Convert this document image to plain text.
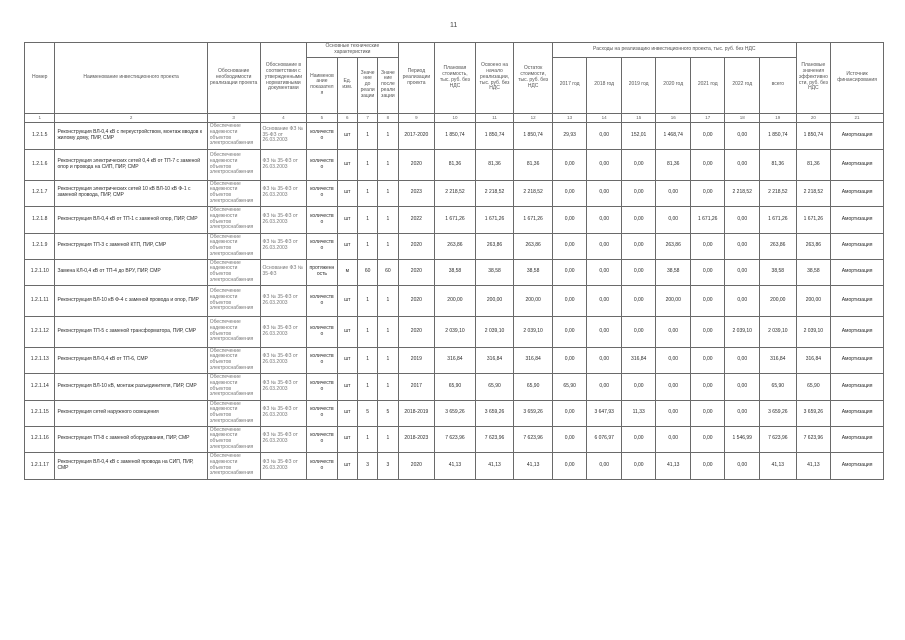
11
Номер	Наименование инвестиционного проекта	Обоснование необходимости реализации проекта	Обоснование в соответствии с утвержденными нормативными документами	Основные технические характеристики				Период реализации проекта	Плановая стоимость, тыс. руб. без НДС	Освоено на начало реализации, тыс. руб. без НДС	Остаток стоимости, тыс. руб. без НДС	Расходы на реализацию инвестиционного проекта, тыс. руб. без НДС							Плановые значения эффективности, руб. без НДС	Источник финансирования
				Наименование показателя	Ед. изм.	Значение до реализации	Значение после реализации					2017 год	2018 год	2019 год	2020 год	2021 год	2022 год	всего		
1	2	3	4	5	6	7	8	9	10	11	12	13	14	15	16	17	18	19	20	21
1.2.1.5	Реконструкция ВЛ-0,4 кВ с переустройством, монтаж вводов к жилому дому, ПИР, СМР	Обеспечение надежности объектов электроснабжения	Основание ФЗ № 35-ФЗ от 26.03.2003	количество	шт	1	1	2017-2020	1 850,74	1 850,74	1 850,74	29,93	0,00	152,01	1 468,74	0,00	0,00	1 850,74	1 850,74	Амортизация
1.2.1.6	Реконструкция электрических сетей 0,4 кВ от ТП-7 с заменой опор и провода на СИП, ПИР, СМР	Обеспечение надежности объектов электроснабжения	ФЗ № 35-ФЗ от 26.03.2003	количество	шт	1	1	2020	81,36	81,36	81,36	0,00	0,00	0,00	81,36	0,00	0,00	81,36	81,36	Амортизация
1.2.1.7	Реконструкция электрических сетей 10 кВ ВЛ-10 кВ Ф-1 с заменой провода, ПИР, СМР	Обеспечение надежности объектов электроснабжения	ФЗ № 35-ФЗ от 26.03.2003	количество	шт	1	1	2023	2 218,52	2 218,52	2 218,52	0,00	0,00	0,00	0,00	0,00	2 218,52	2 218,52	2 218,52	Амортизация
1.2.1.8	Реконструкция ВЛ-0,4 кВ от ТП-1 с заменой опор, ПИР, СМР	Обеспечение надежности объектов электроснабжения	ФЗ № 35-ФЗ от 26.03.2003	количество	шт	1	1	2022	1 671,26	1 671,26	1 671,26	0,00	0,00	0,00	0,00	1 671,26	0,00	1 671,26	1 671,26	Амортизация
1.2.1.9	Реконструкция ТП-3 с заменой КТП, ПИР, СМР	Обеспечение надежности объектов электроснабжения	ФЗ № 35-ФЗ от 26.03.2003	количество	шт	1	1	2020	263,86	263,86	263,86	0,00	0,00	0,00	263,86	0,00	0,00	263,86	263,86	Амортизация
1.2.1.10	Замена КЛ-0,4 кВ от ТП-4 до ВРУ, ПИР, СМР	Обеспечение надежности объектов электроснабжения	Основание ФЗ № 35-ФЗ	протяженность	м	60	60	2020	38,58	38,58	38,58	0,00	0,00	0,00	38,58	0,00	0,00	38,58	38,58	Амортизация
1.2.1.11	Реконструкция ВЛ-10 кВ Ф-4 с заменой провода и опор, ПИР	Обеспечение надежности объектов электроснабжения	ФЗ № 35-ФЗ от 26.03.2003	количество	шт	1	1	2020	200,00	200,00	200,00	0,00	0,00	0,00	200,00	0,00	0,00	200,00	200,00	Амортизация
1.2.1.12	Реконструкция ТП-5 с заменой трансформатора, ПИР, СМР	Обеспечение надежности объектов электроснабжения	ФЗ № 35-ФЗ от 26.03.2003	количество	шт	1	1	2020	2 039,10	2 039,10	2 039,10	0,00	0,00	0,00	0,00	0,00	2 039,10	2 039,10	2 039,10	Амортизация
1.2.1.13	Реконструкция ВЛ-0,4 кВ от ТП-6, СМР	Обеспечение надежности объектов электроснабжения	ФЗ № 35-ФЗ от 26.03.2003	количество	шт	1	1	2019	316,84	316,84	316,84	0,00	0,00	316,84	0,00	0,00	0,00	316,84	316,84	Амортизация
1.2.1.14	Реконструкция ВЛ-10 кВ, монтаж разъединителя, ПИР, СМР	Обеспечение надежности объектов электроснабжения	ФЗ № 35-ФЗ от 26.03.2003	количество	шт	1	1	2017	65,90	65,90	65,90	65,90	0,00	0,00	0,00	0,00	0,00	65,90	65,90	Амортизация
1.2.1.15	Реконструкция сетей наружного освещения	Обеспечение надежности объектов электроснабжения	ФЗ № 35-ФЗ от 26.03.2003	количество	шт	5	5	2018-2019	3 659,26	3 659,26	3 659,26	0,00	3 647,93	11,33	0,00	0,00	0,00	3 659,26	3 659,26	Амортизация
1.2.1.16	Реконструкция ТП-8 с заменой оборудования, ПИР, СМР	Обеспечение надежности объектов электроснабжения	ФЗ № 35-ФЗ от 26.03.2003	количество	шт	1	1	2018-2023	7 623,96	7 623,96	7 623,96	0,00	6 076,97	0,00	0,00	0,00	1 546,99	7 623,96	7 623,96	Амортизация
1.2.1.17	Реконструкция ВЛ-0,4 кВ с заменой провода на СИП, ПИР, СМР	Обеспечение надежности объектов электроснабжения	ФЗ № 35-ФЗ от 26.03.2003	количество	шт	3	3	2020	41,13	41,13	41,13	0,00	0,00	0,00	41,13	0,00	0,00	41,13	41,13	Амортизация
